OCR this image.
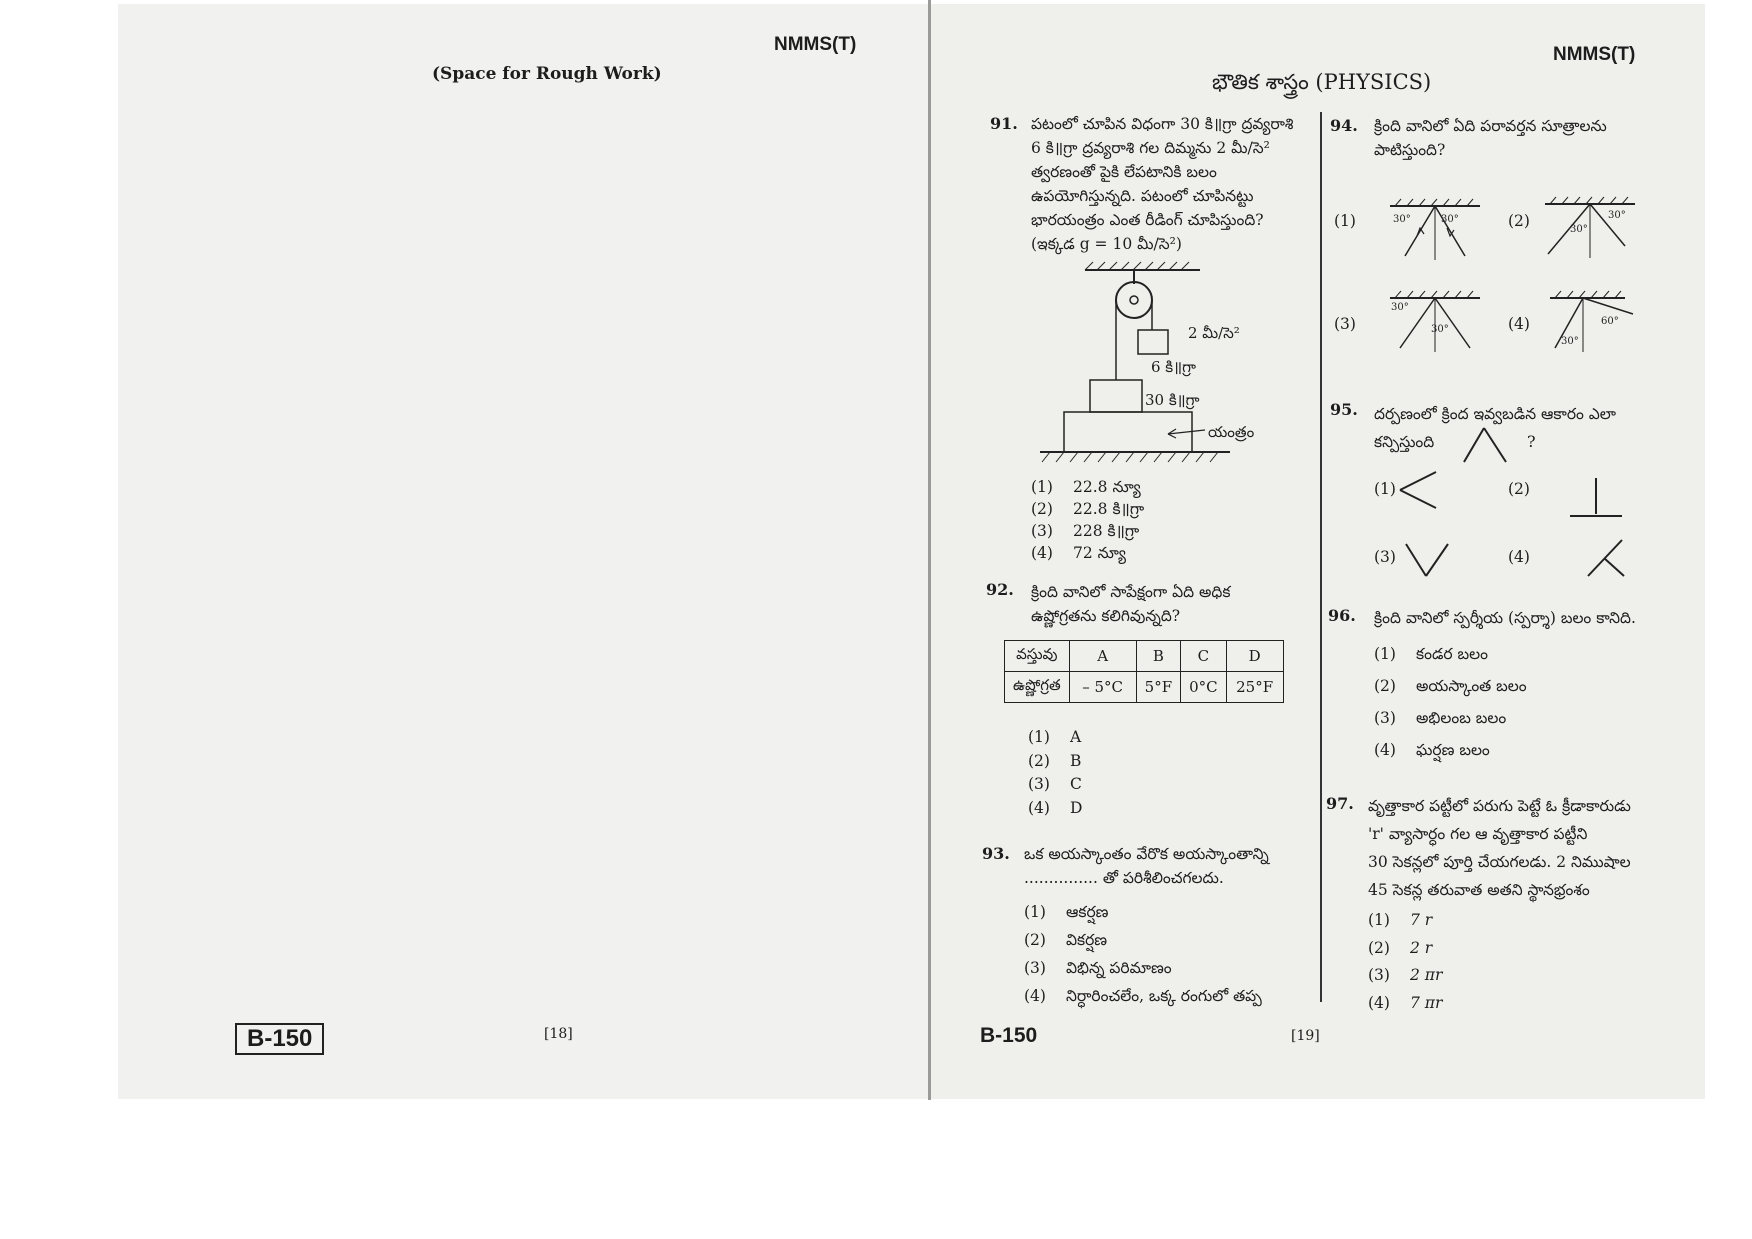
NMMS(T)
(Space for Rough Work)
B-150	[18]
NMMS(T)
భౌతిక శాస్త్రం (PHYSICS)
91. పటంలో చూపిన విధంగా 30 కి॥గ్రా ద్రవ్యరాశి
6 కి॥గ్రా ద్రవ్యరాశి గల దిమ్మను 2 మీ/సె²
త్వరణంతో పైకి లేపటానికి బలం
ఉపయోగిస్తున్నది. పటంలో చూపినట్టు
భారయంత్రం ఎంత రీడింగ్ చూపిస్తుంది?
(ఇక్కడ g = 10 మీ/సె²)
2 మీ/సె²
6 కి॥గ్రా
30 కి॥గ్రా
యంత్రం
(1) 22.8 న్యూ
(2) 22.8 కి॥గ్రా
(3) 228 కి॥గ్రా
(4) 72 న్యూ
92. క్రింది వానిలో సాపేక్షంగా ఏది అధిక
ఉష్ణోగ్రతను కలిగివున్నది?
వస్తువు	A	B	C	D
ఉష్ణోగ్రత	– 5°C	5°F	0°C	25°F
(1) A
(2) B
(3) C
(4) D
93. ఒక అయస్కాంతం వేరొక అయస్కాంతాన్ని
............... తో పరిశీలించగలదు.
(1) ఆకర్షణ
(2) వికర్షణ
(3) విభిన్న పరిమాణం
(4) నిర్ధారించలేం, ఒక్క రంగులో తప్ప
94. క్రింది వానిలో ఏది పరావర్తన సూత్రాలను
పాటిస్తుంది?
(1)	30°	30°	(2)	30°
30°
(3)
30°
30°	(4)
30°
60°
95. దర్పణంలో క్రింద ఇవ్వబడిన ఆకారం ఎలా
కన్పిస్తుంది	?
(1)	(2)
(3)	(4)
96. క్రింది వానిలో స్పర్శీయ (స్పర్శా) బలం కానిది.
(1) కండర బలం
(2) అయస్కాంత బలం
(3) అభిలంబ బలం
(4) ఘర్షణ బలం
97. వృత్తాకార పట్టీలో పరుగు పెట్టే ఓ క్రీడాకారుడు
'r' వ్యాసార్ధం గల ఆ వృత్తాకార పట్టీని
30 సెకన్లలో పూర్తి చేయగలడు. 2 నిముషాల
45 సెకన్ల తరువాత అతని స్థానభ్రంశం
(1) 7 r
(2) 2 r
(3) 2 πr
(4) 7 πr
B-150	[19]
